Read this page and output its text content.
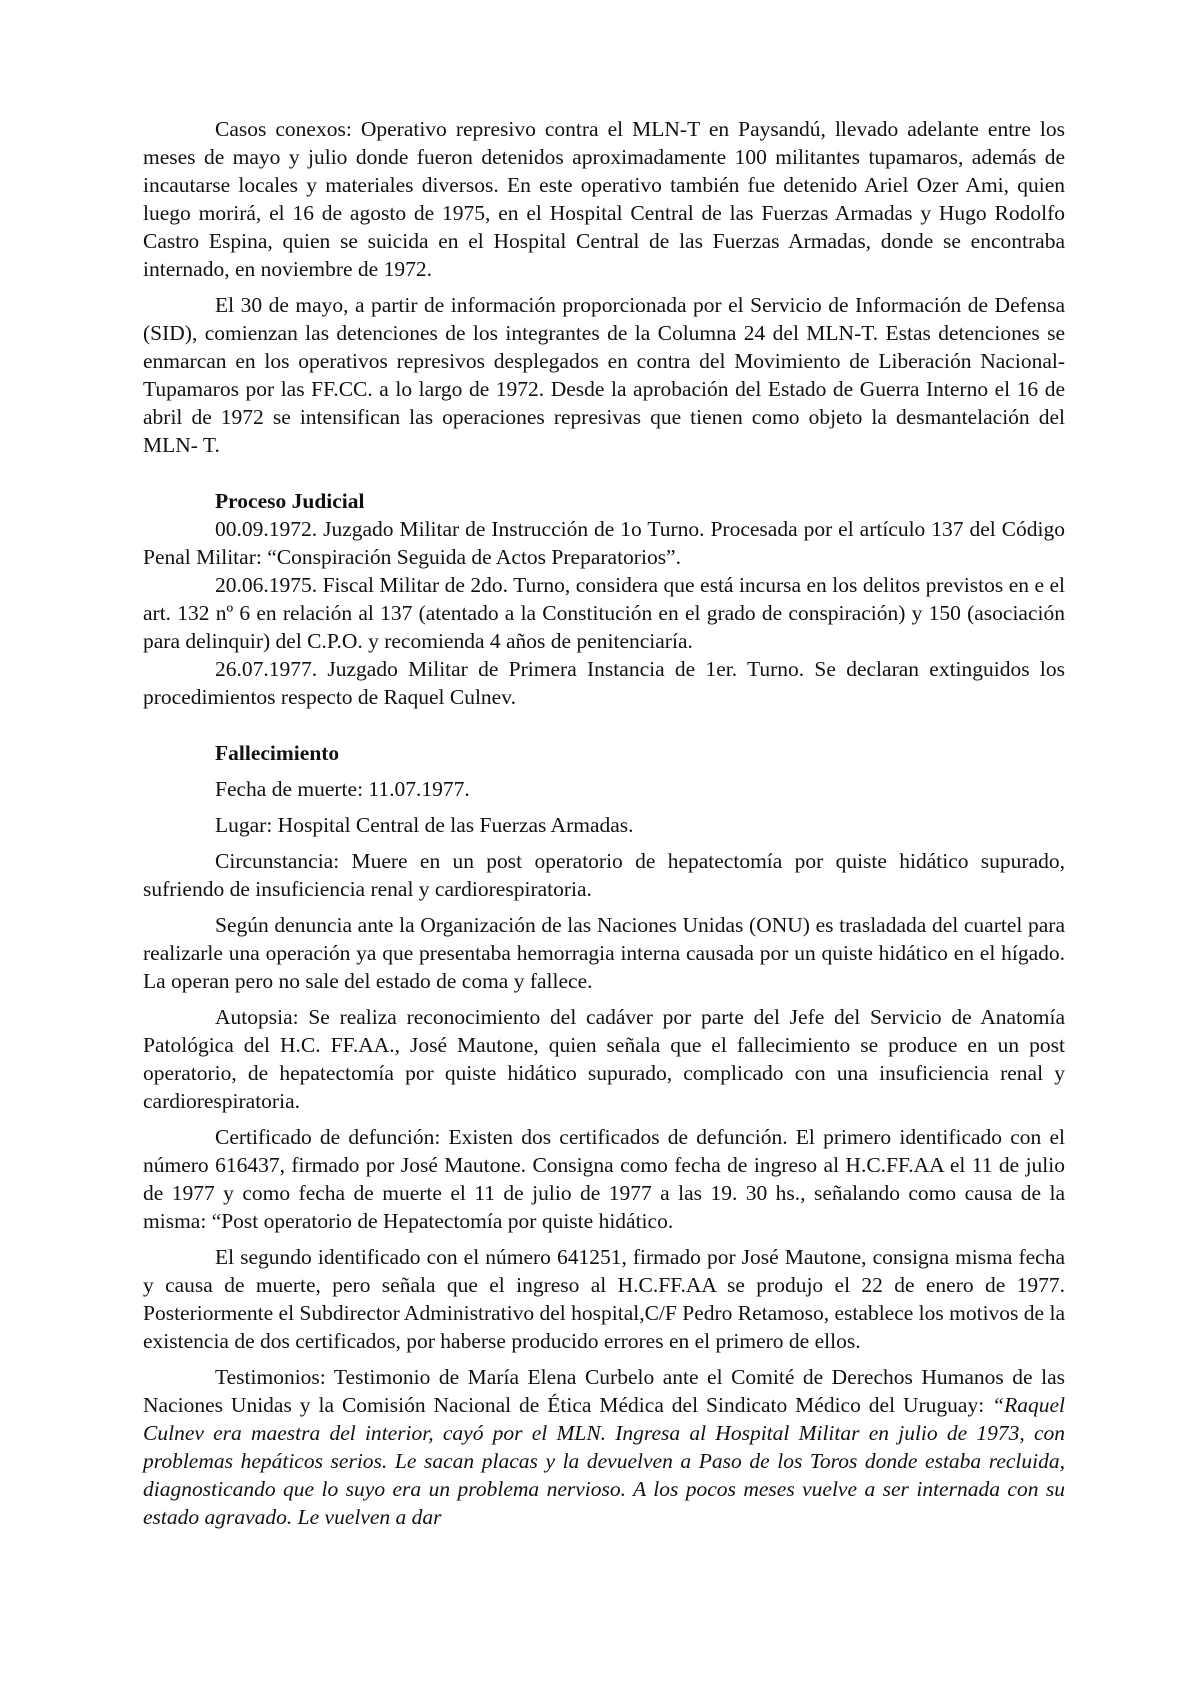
Casos conexos: Operativo represivo contra el MLN-T en Paysandú, llevado adelante entre los meses de mayo y julio donde fueron detenidos aproximadamente 100 militantes tupamaros, además de incautarse locales y materiales diversos. En este operativo también fue detenido Ariel Ozer Ami, quien luego morirá, el 16 de agosto de 1975, en el Hospital Central de las Fuerzas Armadas y Hugo Rodolfo Castro Espina, quien se suicida en el Hospital Central de las Fuerzas Armadas, donde se encontraba internado, en noviembre de 1972.

El 30 de mayo, a partir de información proporcionada por el Servicio de Información de Defensa (SID), comienzan las detenciones de los integrantes de la Columna 24 del MLN-T. Estas detenciones se enmarcan en los operativos represivos desplegados en contra del Movimiento de Liberación Nacional- Tupamaros por las FF.CC. a lo largo de 1972. Desde la aprobación del Estado de Guerra Interno el 16 de abril de 1972 se intensifican las operaciones represivas que tienen como objeto la desmantelación del MLN- T.

Proceso Judicial

00.09.1972. Juzgado Militar de Instrucción de 1o Turno. Procesada por el artículo 137 del Código Penal Militar: “Conspiración Seguida de Actos Preparatorios”.

20.06.1975. Fiscal Militar de 2do. Turno, considera que está incursa en los delitos previstos en e el art. 132 nº 6 en relación al 137 (atentado a la Constitución en el grado de conspiración) y 150 (asociación para delinquir) del C.P.O. y recomienda 4 años de penitenciaría.

26.07.1977. Juzgado Militar de Primera Instancia de 1er. Turno. Se declaran extinguidos los procedimientos respecto de Raquel Culnev.

Fallecimiento

Fecha de muerte: 11.07.1977.

Lugar: Hospital Central de las Fuerzas Armadas.

Circunstancia: Muere en un post operatorio de hepatectomía por quiste hidático supurado, sufriendo de insuficiencia renal y cardiorespiratoria.

Según denuncia ante la Organización de las Naciones Unidas (ONU) es trasladada del cuartel para realizarle una operación ya que presentaba hemorragia interna causada por un quiste hidático en el hígado. La operan pero no sale del estado de coma y fallece.

Autopsia: Se realiza reconocimiento del cadáver por parte del Jefe del Servicio de Anatomía Patológica del H.C. FF.AA., José Mautone, quien señala que el fallecimiento se produce en un post operatorio, de hepatectomía por quiste hidático supurado, complicado con una insuficiencia renal y cardiorespiratoria.

Certificado de defunción: Existen dos certificados de defunción. El primero identificado con el número 616437, firmado por José Mautone. Consigna como fecha de ingreso al H.C.FF.AA el 11 de julio de 1977 y como fecha de muerte el 11 de julio de 1977 a las 19. 30 hs., señalando como causa de la misma: “Post operatorio de Hepatectomía por quiste hidático.

El segundo identificado con el número 641251, firmado por José Mautone, consigna misma fecha y causa de muerte, pero señala que el ingreso al H.C.FF.AA se produjo el 22 de enero de 1977. Posteriormente el Subdirector Administrativo del hospital,C/F Pedro Retamoso, establece los motivos de la existencia de dos certificados, por haberse producido errores en el primero de ellos.

Testimonios: Testimonio de María Elena Curbelo ante el Comité de Derechos Humanos de las Naciones Unidas y la Comisión Nacional de Ética Médica del Sindicato Médico del Uruguay: “Raquel Culnev era maestra del interior, cayó por el MLN. Ingresa al Hospital Militar en julio de 1973, con problemas hepáticos serios. Le sacan placas y la devuelven a Paso de los Toros donde estaba recluida, diagnosticando que lo suyo era un problema nervioso. A los pocos meses vuelve a ser internada con su estado agravado. Le vuelven a dar
